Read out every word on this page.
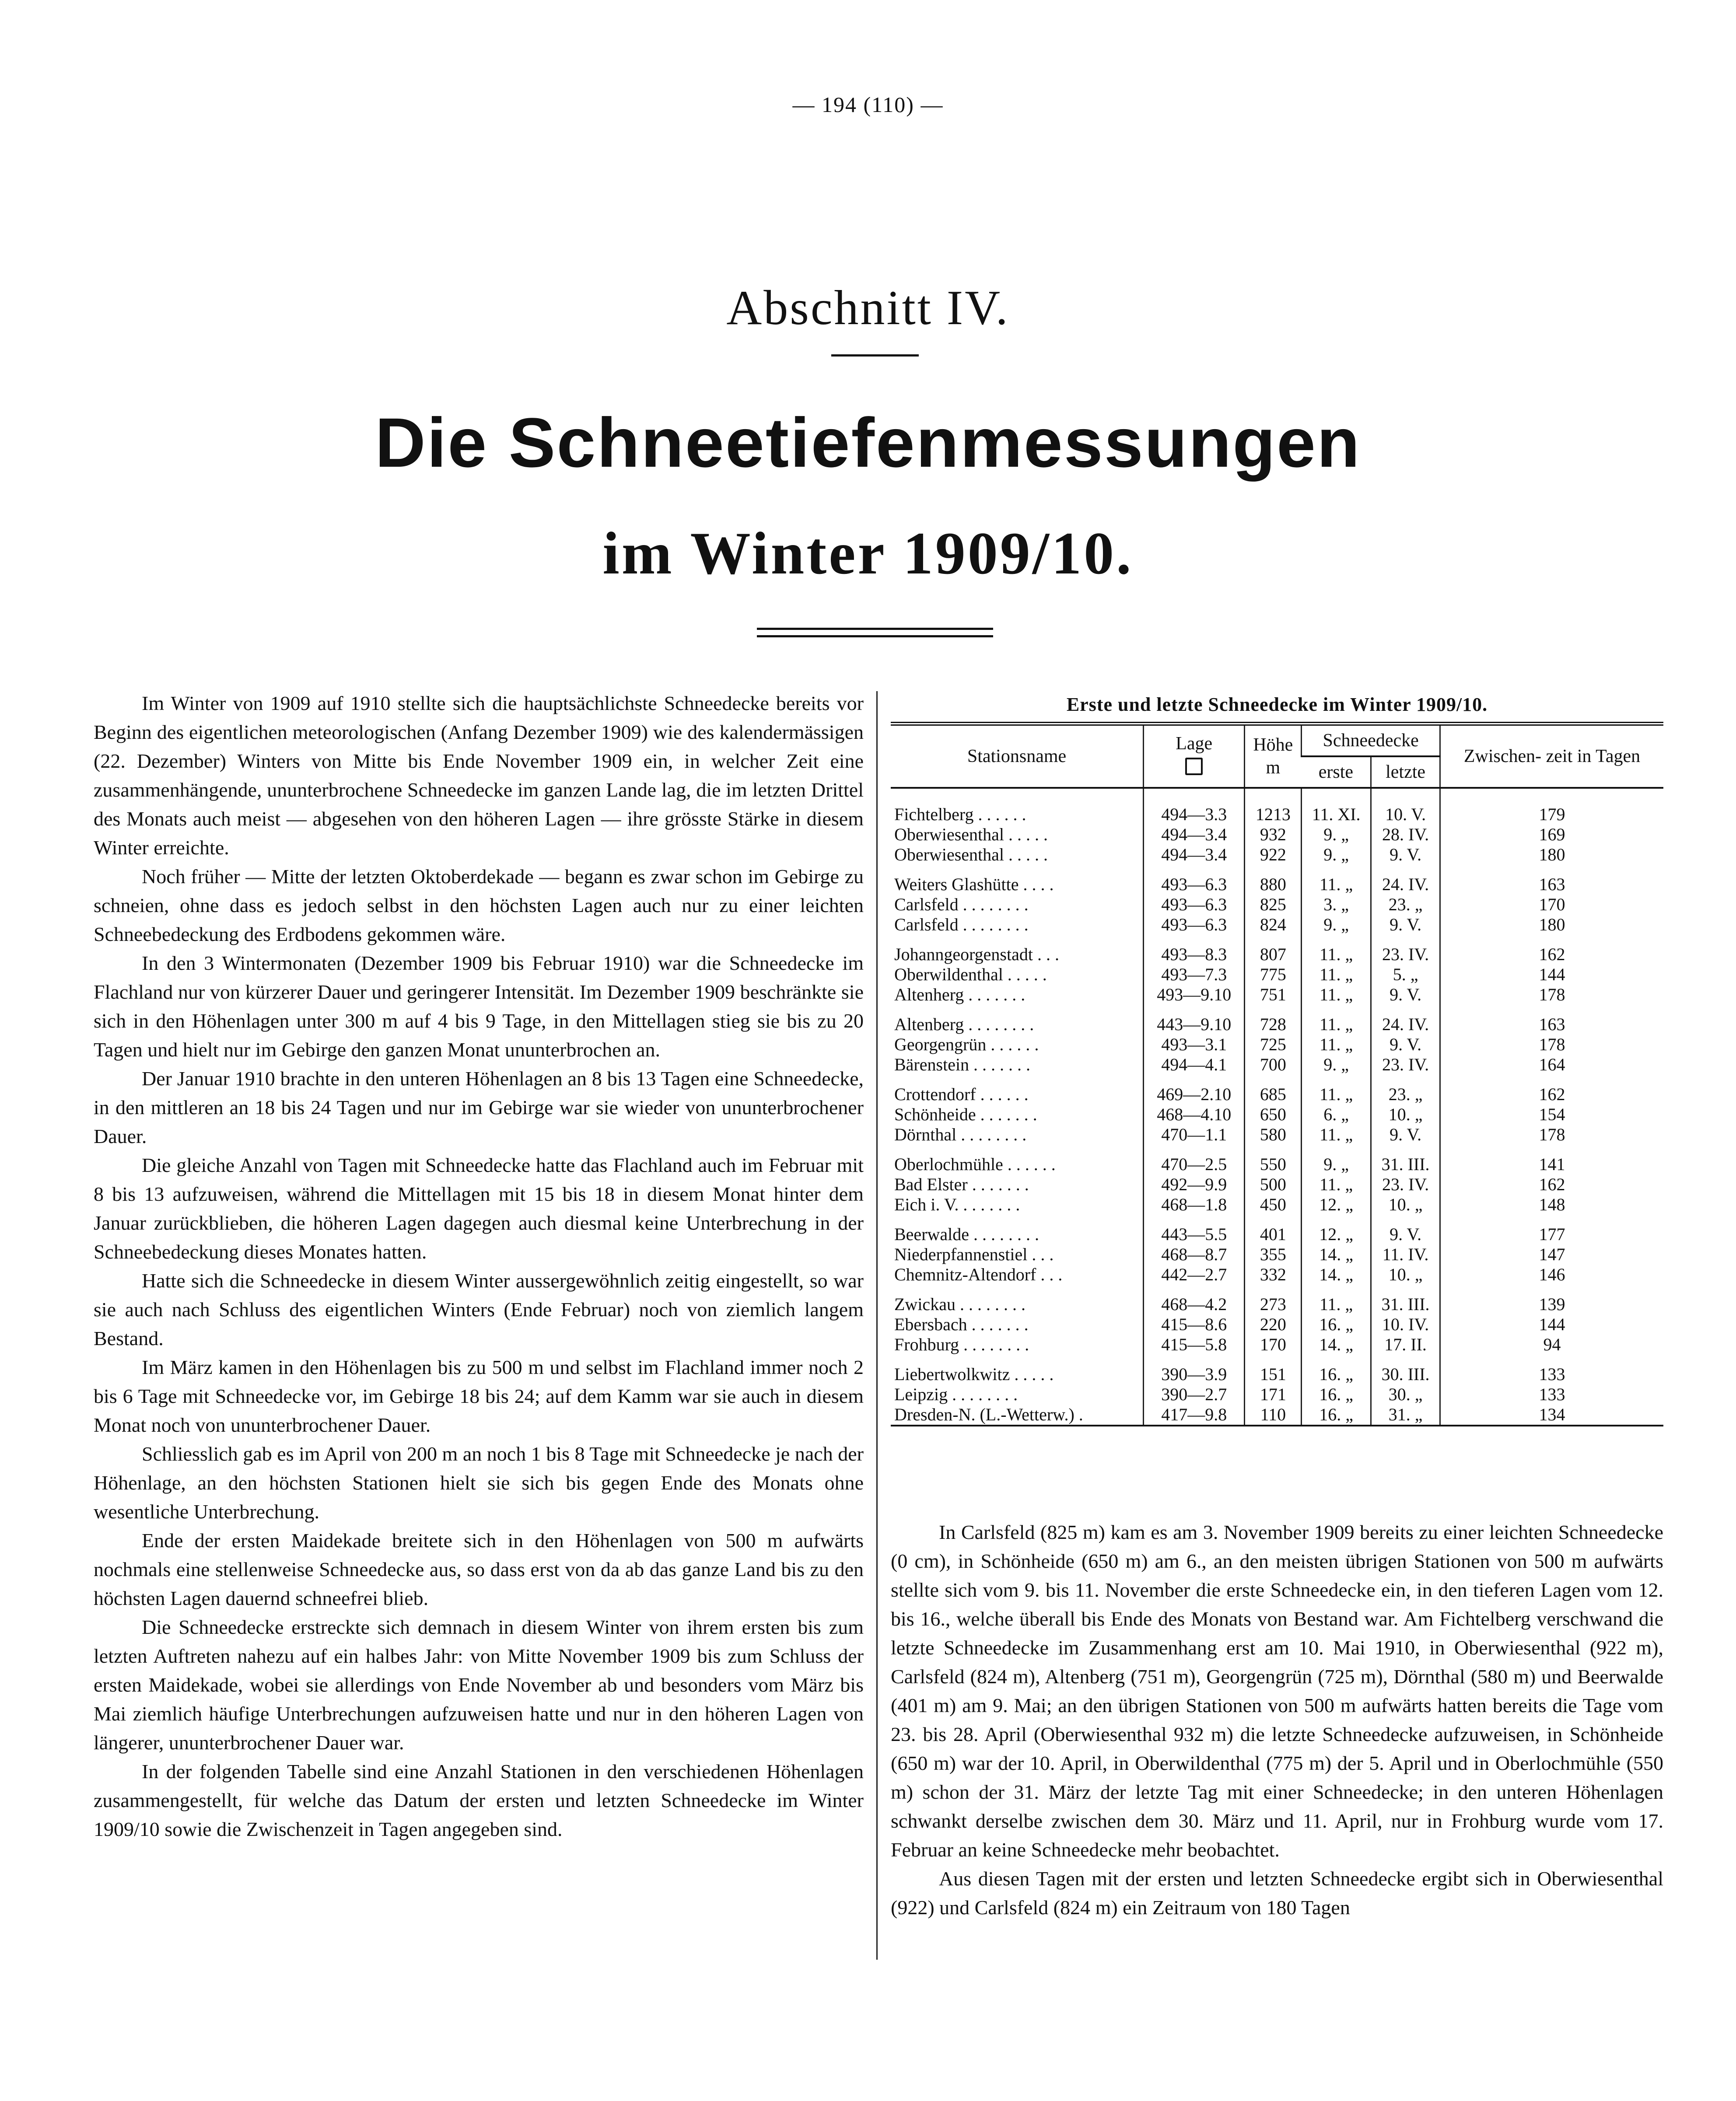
— 194 (110) —
Abschnitt IV.
Die Schneetiefenmessungen
im Winter 1909/10.

Im Winter von 1909 auf 1910 stellte sich die hauptsächlichste Schneedecke bereits vor Beginn des eigentlichen meteorologischen (Anfang Dezember 1909) wie des kalendermässigen (22. Dezember) Winters von Mitte bis Ende November 1909 ein, in welcher Zeit eine zusammenhängende, ununterbrochene Schneedecke im ganzen Lande lag, die im letzten Drittel des Monats auch meist — abgesehen von den höheren Lagen — ihre grösste Stärke in diesem Winter erreichte.

Noch früher — Mitte der letzten Oktoberdekade — begann es zwar schon im Gebirge zu schneien, ohne dass es jedoch selbst in den höchsten Lagen auch nur zu einer leichten Schneebedeckung des Erdbodens gekommen wäre.

In den 3 Wintermonaten (Dezember 1909 bis Februar 1910) war die Schneedecke im Flachland nur von kürzerer Dauer und geringerer Intensität. Im Dezember 1909 beschränkte sie sich in den Höhenlagen unter 300 m auf 4 bis 9 Tage, in den Mittellagen stieg sie bis zu 20 Tagen und hielt nur im Gebirge den ganzen Monat ununterbrochen an.

Der Januar 1910 brachte in den unteren Höhenlagen an 8 bis 13 Tagen eine Schneedecke, in den mittleren an 18 bis 24 Tagen und nur im Gebirge war sie wieder von ununterbrochener Dauer.

Die gleiche Anzahl von Tagen mit Schneedecke hatte das Flachland auch im Februar mit 8 bis 13 aufzuweisen, während die Mittellagen mit 15 bis 18 in diesem Monat hinter dem Januar zurückblieben, die höheren Lagen dagegen auch diesmal keine Unterbrechung in der Schneebedeckung dieses Monates hatten.

Hatte sich die Schneedecke in diesem Winter aussergewöhnlich zeitig eingestellt, so war sie auch nach Schluss des eigentlichen Winters (Ende Februar) noch von ziemlich langem Bestand.

Im März kamen in den Höhenlagen bis zu 500 m und selbst im Flachland immer noch 2 bis 6 Tage mit Schneedecke vor, im Gebirge 18 bis 24; auf dem Kamm war sie auch in diesem Monat noch von ununterbrochener Dauer.

Schliesslich gab es im April von 200 m an noch 1 bis 8 Tage mit Schneedecke je nach der Höhenlage, an den höchsten Stationen hielt sie sich bis gegen Ende des Monats ohne wesentliche Unterbrechung.

Ende der ersten Maidekade breitete sich in den Höhenlagen von 500 m aufwärts nochmals eine stellenweise Schneedecke aus, so dass erst von da ab das ganze Land bis zu den höchsten Lagen dauernd schneefrei blieb.

Die Schneedecke erstreckte sich demnach in diesem Winter von ihrem ersten bis zum letzten Auftreten nahezu auf ein halbes Jahr: von Mitte November 1909 bis zum Schluss der ersten Maidekade, wobei sie allerdings von Ende November ab und besonders vom März bis Mai ziemlich häufige Unterbrechungen aufzuweisen hatte und nur in den höheren Lagen von längerer, ununterbrochener Dauer war.

In der folgenden Tabelle sind eine Anzahl Stationen in den verschiedenen Höhenlagen zusammengestellt, für welche das Datum der ersten und letzten Schneedecke im Winter 1909/10 sowie die Zwischenzeit in Tagen angegeben sind.

Erste und letzte Schneedecke im Winter 1909/10.
Stationsname	Lage	Höhe
m	Schneedecke		Zwischen- zeit in Tagen
			erste	letzte	
Fichtelberg . . . . . .	494—3.3	1213	11. XI.	10. V.	179
Oberwiesenthal . . . . .	494—3.4	932	9. „	28. IV.	169
Oberwiesenthal . . . . .	494—3.4	922	9. „	9. V.	180
Weiters Glashütte . . . .	493—6.3	880	11. „	24. IV.	163
Carlsfeld . . . . . . . .	493—6.3	825	3. „	23. „	170
Carlsfeld . . . . . . . .	493—6.3	824	9. „	9. V.	180
Johanngeorgenstadt . . .	493—8.3	807	11. „	23. IV.	162
Oberwildenthal . . . . .	493—7.3	775	11. „	5. „	144
Altenherg . . . . . . .	493—9.10	751	11. „	9. V.	178
Altenberg . . . . . . . .	443—9.10	728	11. „	24. IV.	163
Georgengrün . . . . . .	493—3.1	725	11. „	9. V.	178
Bärenstein . . . . . . .	494—4.1	700	9. „	23. IV.	164
Crottendorf . . . . . .	469—2.10	685	11. „	23. „	162
Schönheide . . . . . . .	468—4.10	650	6. „	10. „	154
Dörnthal . . . . . . . .	470—1.1	580	11. „	9. V.	178
Oberlochmühle . . . . . .	470—2.5	550	9. „	31. III.	141
Bad Elster . . . . . . .	492—9.9	500	11. „	23. IV.	162
Eich i. V. . . . . . . .	468—1.8	450	12. „	10. „	148
Beerwalde . . . . . . . .	443—5.5	401	12. „	9. V.	177
Niederpfannenstiel . . .	468—8.7	355	14. „	11. IV.	147
Chemnitz-Altendorf . . .	442—2.7	332	14. „	10. „	146
Zwickau . . . . . . . .	468—4.2	273	11. „	31. III.	139
Ebersbach . . . . . . .	415—8.6	220	16. „	10. IV.	144
Frohburg . . . . . . . .	415—5.8	170	14. „	17. II.	94
Liebertwolkwitz . . . . .	390—3.9	151	16. „	30. III.	133
Leipzig . . . . . . . .	390—2.7	171	16. „	30. „	133
Dresden-N. (L.-Wetterw.) .	417—9.8	110	16. „	31. „	134

In Carlsfeld (825 m) kam es am 3. November 1909 bereits zu einer leichten Schneedecke (0 cm), in Schönheide (650 m) am 6., an den meisten übrigen Stationen von 500 m aufwärts stellte sich vom 9. bis 11. November die erste Schneedecke ein, in den tieferen Lagen vom 12. bis 16., welche überall bis Ende des Monats von Bestand war. Am Fichtelberg verschwand die letzte Schneedecke im Zusammenhang erst am 10. Mai 1910, in Oberwiesenthal (922 m), Carlsfeld (824 m), Altenberg (751 m), Georgengrün (725 m), Dörnthal (580 m) und Beerwalde (401 m) am 9. Mai; an den übrigen Stationen von 500 m aufwärts hatten bereits die Tage vom 23. bis 28. April (Oberwiesenthal 932 m) die letzte Schneedecke aufzuweisen, in Schönheide (650 m) war der 10. April, in Oberwildenthal (775 m) der 5. April und in Oberlochmühle (550 m) schon der 31. März der letzte Tag mit einer Schneedecke; in den unteren Höhenlagen schwankt derselbe zwischen dem 30. März und 11. April, nur in Frohburg wurde vom 17. Februar an keine Schneedecke mehr beobachtet.

Aus diesen Tagen mit der ersten und letzten Schneedecke ergibt sich in Oberwiesenthal (922) und Carlsfeld (824 m) ein Zeitraum von 180 Tagen
